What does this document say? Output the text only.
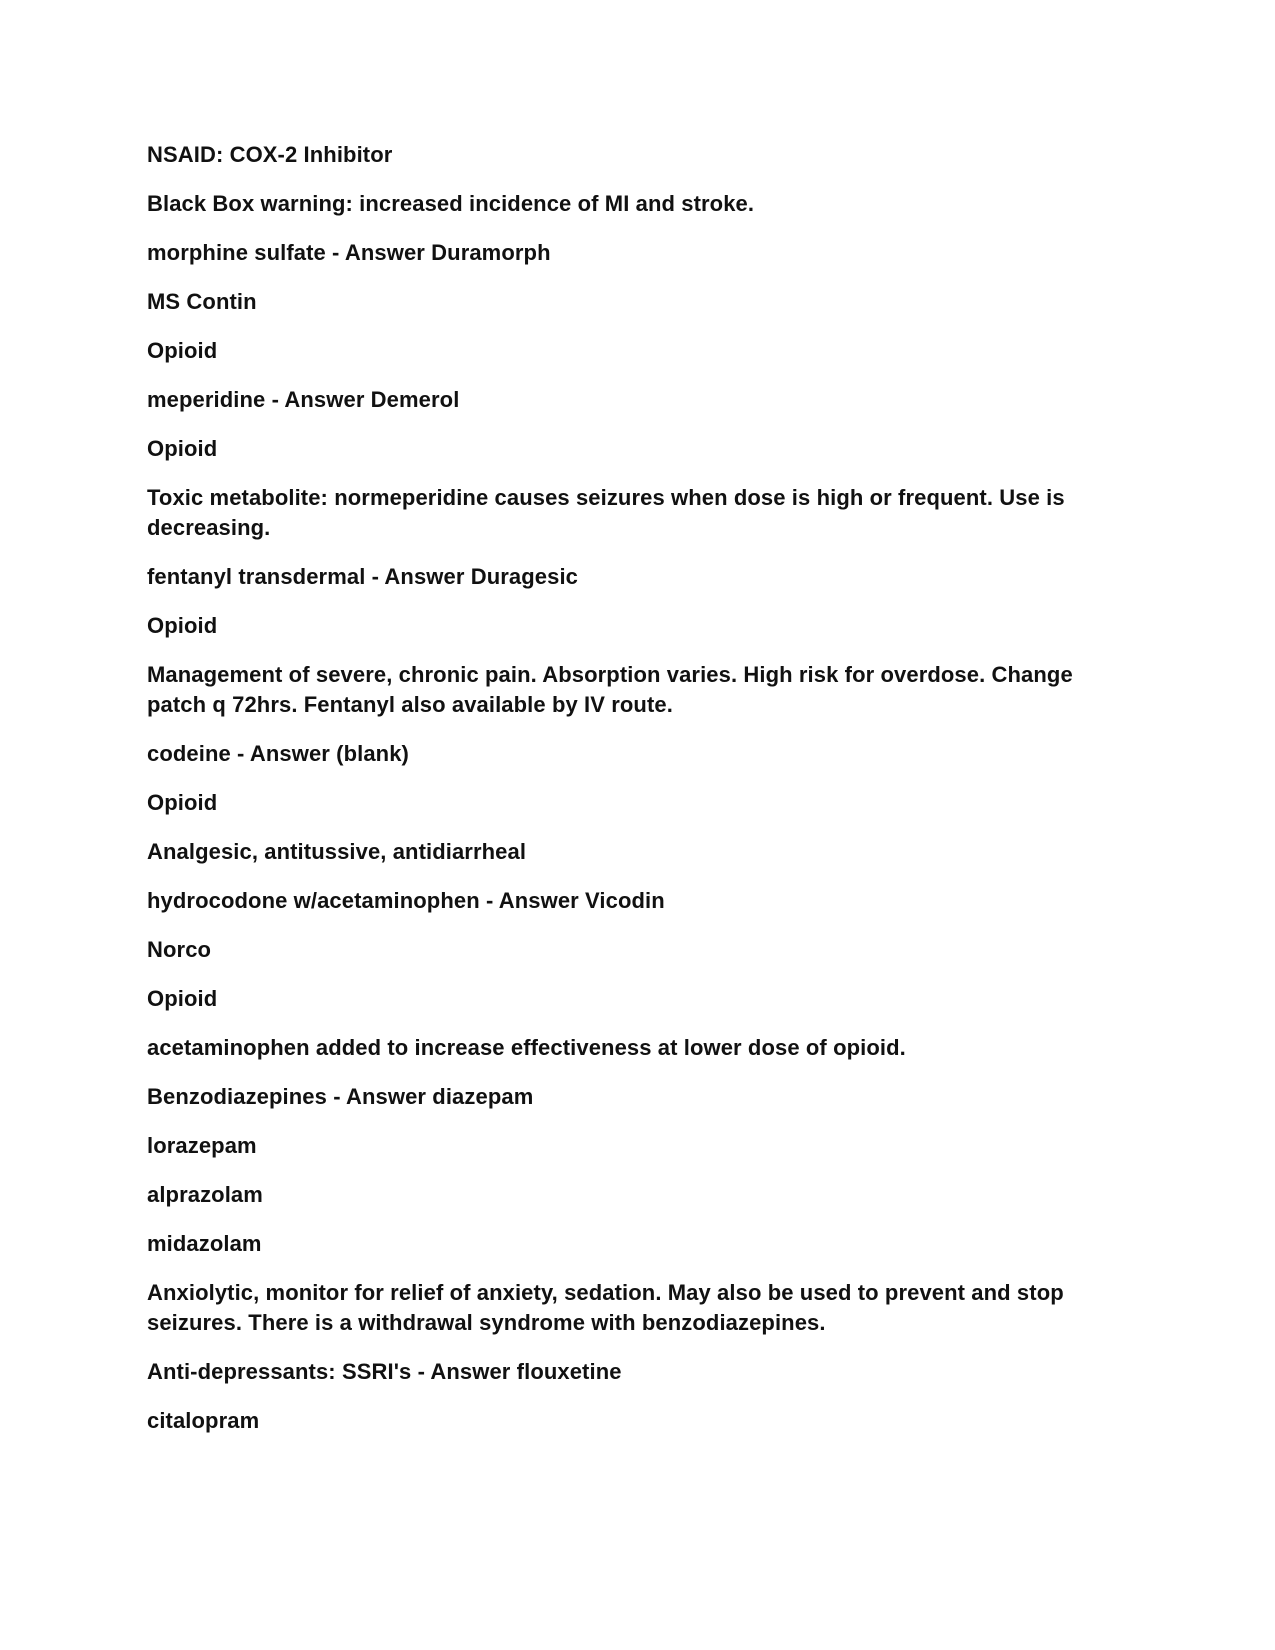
NSAID: COX-2 Inhibitor

Black Box warning: increased incidence of MI and stroke.

morphine sulfate - Answer Duramorph

MS Contin

Opioid

meperidine - Answer Demerol

Opioid

Toxic metabolite: normeperidine causes seizures when dose is high or frequent. Use is decreasing.

fentanyl transdermal - Answer Duragesic

Opioid

Management of severe, chronic pain. Absorption varies. High risk for overdose. Change patch q 72hrs. Fentanyl also available by IV route.

codeine - Answer (blank)

Opioid

Analgesic, antitussive, antidiarrheal

hydrocodone w/acetaminophen - Answer Vicodin

Norco

Opioid

acetaminophen added to increase effectiveness at lower dose of opioid.

Benzodiazepines - Answer diazepam

lorazepam

alprazolam

midazolam

Anxiolytic, monitor for relief of anxiety, sedation. May also be used to prevent and stop seizures. There is a withdrawal syndrome with benzodiazepines.

Anti-depressants: SSRI's - Answer flouxetine

citalopram
